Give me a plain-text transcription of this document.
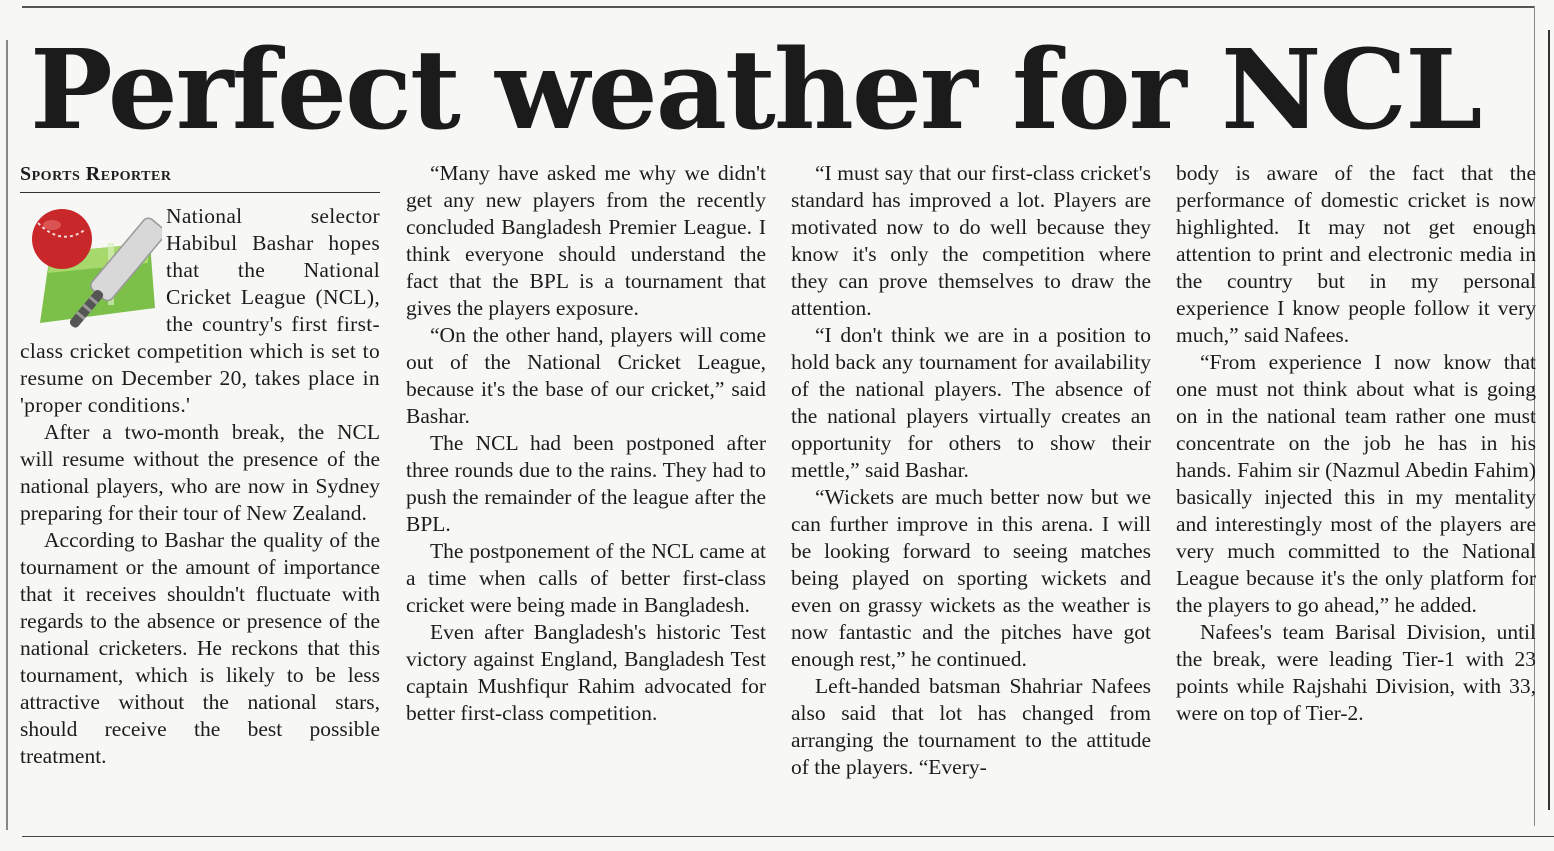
Perfect weather for NCL
Sports Reporter

National selector Habibul Bashar hopes that the National Cricket League (NCL), the country's first first-class cricket competition which is set to resume on December 20, takes place in 'proper conditions.'

After a two-month break, the NCL will resume without the presence of the national players, who are now in Sydney preparing for their tour of New Zealand.

According to Bashar the quality of the tournament or the amount of importance that it receives shouldn't fluctuate with regards to the absence or presence of the national cricketers. He reckons that this tournament, which is likely to be less attractive without the national stars, should receive the best possible treatment.

“Many have asked me why we didn't get any new players from the recently concluded Bangladesh Premier League. I think everyone should understand the fact that the BPL is a tournament that gives the players exposure.

“On the other hand, players will come out of the National Cricket League, because it's the base of our cricket,” said Bashar.

The NCL had been postponed after three rounds due to the rains. They had to push the remainder of the league after the BPL.

The postponement of the NCL came at a time when calls of better first-class cricket were being made in Bangladesh.

Even after Bangladesh's historic Test victory against England, Bangladesh Test captain Mushfiqur Rahim advocated for better first-class competition.

“I must say that our first-class cricket's standard has improved a lot. Players are motivated now to do well because they know it's only the competition where they can prove themselves to draw the attention.

“I don't think we are in a position to hold back any tournament for availability of the national players. The absence of the national players virtually creates an opportunity for others to show their mettle,” said Bashar.

“Wickets are much better now but we can further improve in this arena. I will be looking forward to seeing matches being played on sporting wickets and even on grassy wickets as the weather is now fantastic and the pitches have got enough rest,” he continued.

Left-handed batsman Shahriar Nafees also said that lot has changed from arranging the tournament to the attitude of the players. “Every-

body is aware of the fact that the performance of domestic cricket is now highlighted. It may not get enough attention to print and electronic media in the country but in my personal experience I know people follow it very much,” said Nafees.

“From experience I now know that one must not think about what is going on in the national team rather one must concentrate on the job he has in his hands. Fahim sir (Nazmul Abedin Fahim) basically injected this in my mentality and interestingly most of the players are very much committed to the National League because it's the only platform for the players to go ahead,” he added.

Nafees's team Barisal Division, until the break, were leading Tier-1 with 23 points while Rajshahi Division, with 33, were on top of Tier-2.
